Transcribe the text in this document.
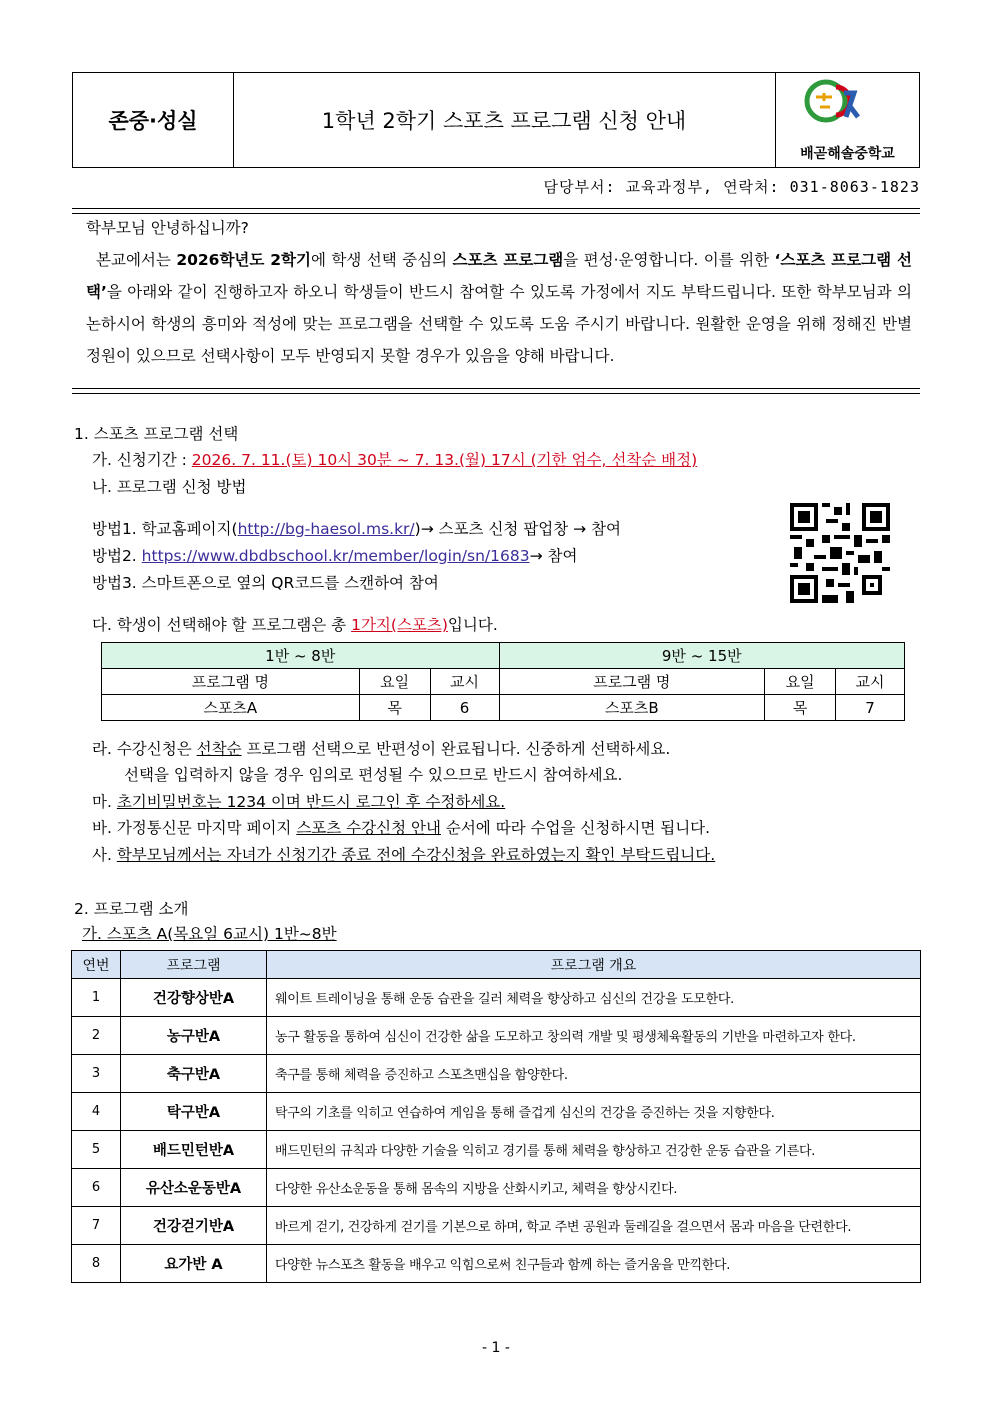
존중·성실	1학년 2학기 스포츠 프로그램 신청 안내
배곧해솔중학교
담당부서: 교육과정부, 연락처: 031-8063-1823

학부모님 안녕하십니까?

본교에서는 2026학년도 2학기에 학생 선택 중심의 스포츠 프로그램을 편성·운영합니다. 이를 위한 ‘스포츠 프로그램 선택’을 아래와 같이 진행하고자 하오니 학생들이 반드시 참여할 수 있도록 가정에서 지도 부탁드립니다. 또한 학부모님과 의논하시어 학생의 흥미와 적성에 맞는 프로그램을 선택할 수 있도록 도움 주시기 바랍니다. 원활한 운영을 위해 정해진 반별 정원이 있으므로 선택사항이 모두 반영되지 못할 경우가 있음을 양해 바랍니다.

1. 스포츠 프로그램 선택
가. 신청기간 : 2026. 7. 11.(토) 10시 30분 ~ 7. 13.(월) 17시 (기한 엄수, 선착순 배정)
나. 프로그램 신청 방법
방법1. 학교홈페이지(http://bg-haesol.ms.kr/)→ 스포츠 신청 팝업창 → 참여
방법2. https://www.dbdbschool.kr/member/login/sn/1683→ 참여
방법3. 스마트폰으로 옆의 QR코드를 스캔하여 참여
다. 학생이 선택해야 할 프로그램은 총 1가지(스포츠)입니다.
1반 ~ 8반			9반 ~ 15반		
프로그램 명	요일	교시	프로그램 명	요일	교시
스포츠A	목	6	스포츠B	목	7
라. 수강신청은 선착순 프로그램 선택으로 반편성이 완료됩니다. 신중하게 선택하세요.
선택을 입력하지 않을 경우 임의로 편성될 수 있으므로 반드시 참여하세요.
마. 초기비밀번호는 1234 이며 반드시 로그인 후 수정하세요.
바. 가정통신문 마지막 페이지 스포츠 수강신청 안내 순서에 따라 수업을 신청하시면 됩니다.
사. 학부모님께서는 자녀가 신청기간 종료 전에 수강신청을 완료하였는지 확인 부탁드립니다.
2. 프로그램 소개
가. 스포츠 A(목요일 6교시) 1반~8반
연번	프로그램	프로그램 개요
1	건강향상반A	웨이트 트레이닝을 통해 운동 습관을 길러 체력을 향상하고 심신의 건강을 도모한다.
2	농구반A	농구 활동을 통하여 심신이 건강한 삶을 도모하고 창의력 개발 및 평생체육활동의 기반을 마련하고자 한다.
3	축구반A	축구를 통해 체력을 증진하고 스포츠맨십을 함양한다.
4	탁구반A	탁구의 기초를 익히고 연습하여 게임을 통해 즐겁게 심신의 건강을 증진하는 것을 지향한다.
5	배드민턴반A	배드민턴의 규칙과 다양한 기술을 익히고 경기를 통해 체력을 향상하고 건강한 운동 습관을 기른다.
6	유산소운동반A	다양한 유산소운동을 통해 몸속의 지방을 산화시키고, 체력을 향상시킨다.
7	건강걷기반A	바르게 걷기, 건강하게 걷기를 기본으로 하며, 학교 주변 공원과 둘레길을 걸으면서 몸과 마음을 단련한다.
8	요가반 A	다양한 뉴스포츠 활동을 배우고 익힘으로써 친구들과 함께 하는 즐거움을 만끽한다.
- 1 -
